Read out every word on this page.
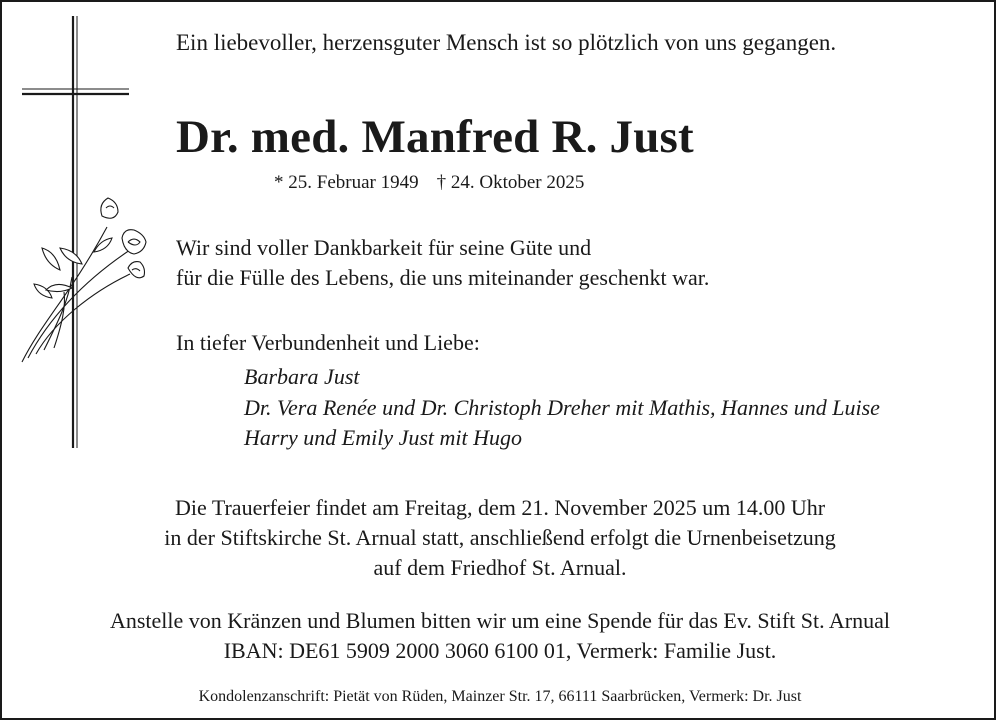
Ein liebevoller, herzensguter Mensch ist so plötzlich von uns gegangen.
Dr. med. Manfred R. Just
* 25. Februar 1949 † 24. Oktober 2025
Wir sind voller Dankbarkeit für seine Güte und
für die Fülle des Lebens, die uns miteinander geschenkt war.
In tiefer Verbundenheit und Liebe:
Barbara Just
Dr. Vera Renée und Dr. Christoph Dreher mit Mathis, Hannes und Luise
Harry und Emily Just mit Hugo
Die Trauerfeier findet am Freitag, dem 21. November 2025 um 14.00 Uhr
in der Stiftskirche St. Arnual statt, anschließend erfolgt die Urnenbeisetzung
auf dem Friedhof St. Arnual.
Anstelle von Kränzen und Blumen bitten wir um eine Spende für das Ev. Stift St. Arnual
IBAN: DE61 5909 2000 3060 6100 01, Vermerk: Familie Just.
Kondolenzanschrift: Pietät von Rüden, Mainzer Str. 17, 66111 Saarbrücken, Vermerk: Dr. Just
